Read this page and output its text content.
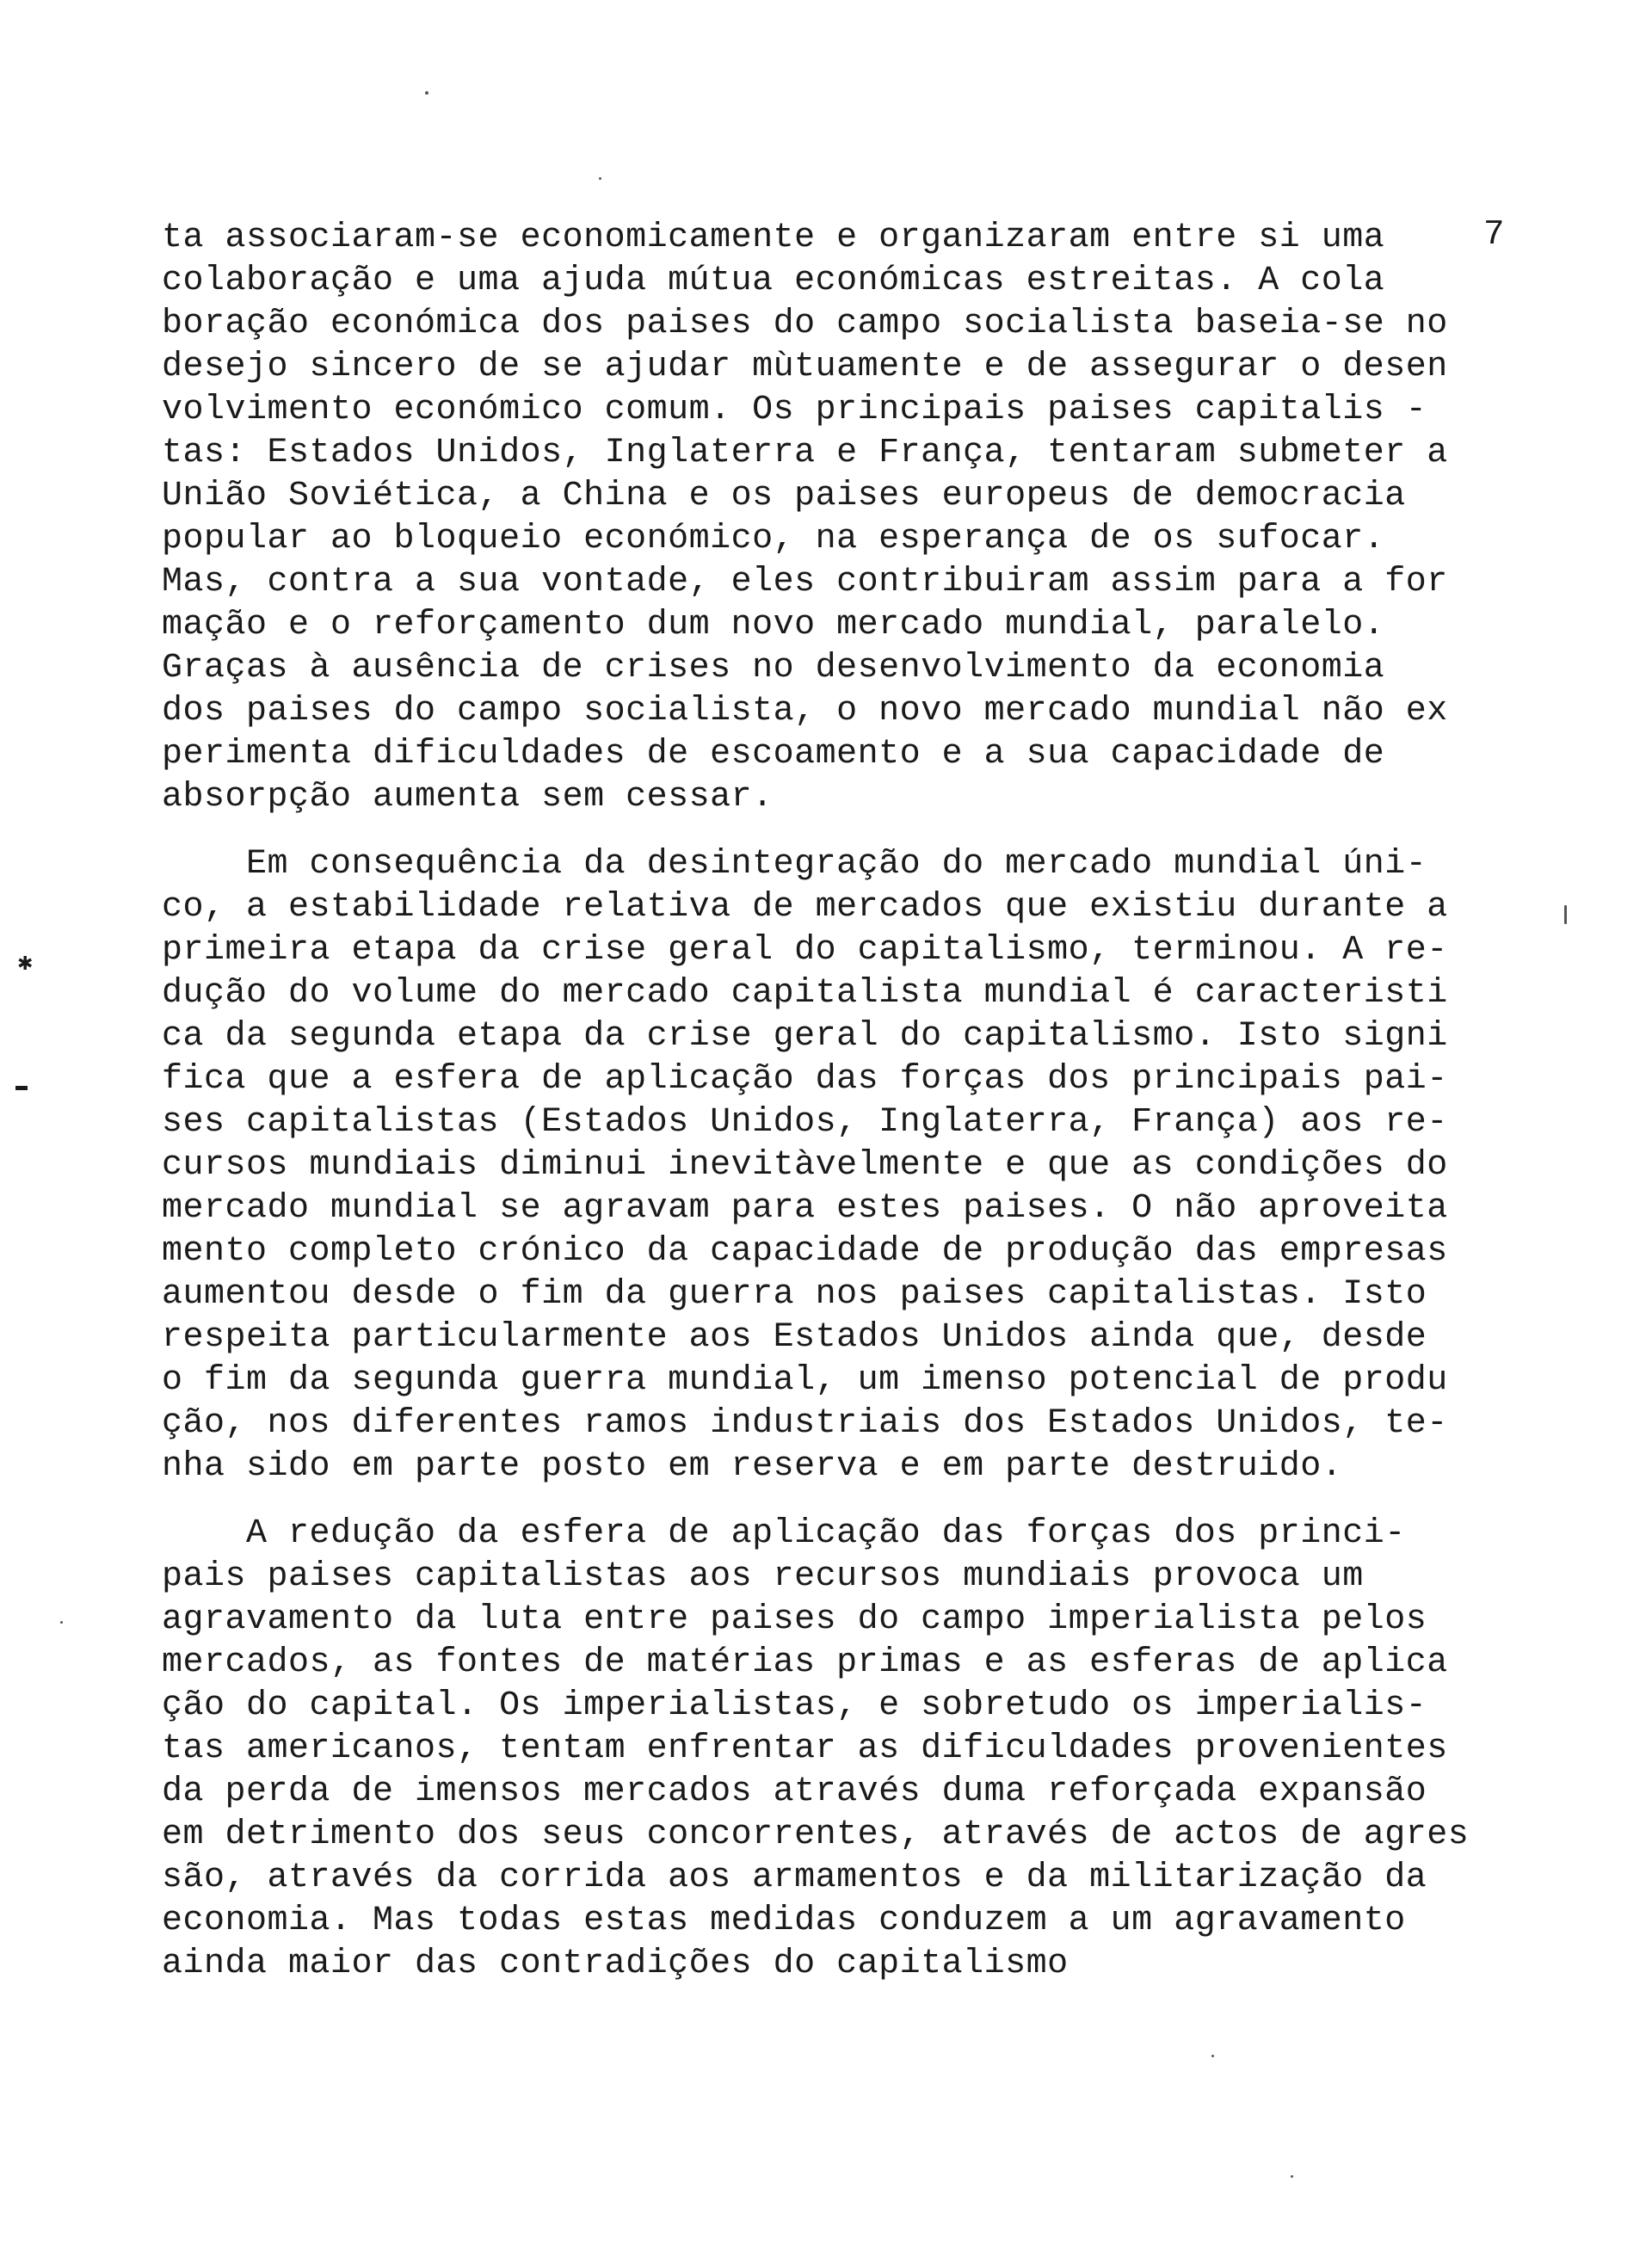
7
ta associaram-se economicamente e organizaram entre si uma
colaboração e uma ajuda mútua económicas estreitas. A cola
boração económica dos paises do campo socialista baseia-se no
desejo sincero de se ajudar mùtuamente e de assegurar o desen
volvimento económico comum. Os principais paises capitalis -
tas: Estados Unidos, Inglaterra e França, tentaram submeter a
União Soviética, a China e os paises europeus de democracia
popular ao bloqueio económico, na esperança de os sufocar.
Mas, contra a sua vontade, eles contribuiram assim para a for
mação e o reforçamento dum novo mercado mundial, paralelo.
Graças à ausência de crises no desenvolvimento da economia
dos paises do campo socialista, o novo mercado mundial não ex
perimenta dificuldades de escoamento e a sua capacidade de
absorpção aumenta sem cessar.
Em consequência da desintegração do mercado mundial úni-
co, a estabilidade relativa de mercados que existiu durante a
primeira etapa da crise geral do capitalismo, terminou. A re-
dução do volume do mercado capitalista mundial é caracteristi
ca da segunda etapa da crise geral do capitalismo. Isto signi
fica que a esfera de aplicação das forças dos principais pai-
ses capitalistas (Estados Unidos, Inglaterra, França) aos re-
cursos mundiais diminui inevitàvelmente e que as condições do
mercado mundial se agravam para estes paises. O não aproveita
mento completo crónico da capacidade de produção das empresas
aumentou desde o fim da guerra nos paises capitalistas. Isto
respeita particularmente aos Estados Unidos ainda que, desde
o fim da segunda guerra mundial, um imenso potencial de produ
ção, nos diferentes ramos industriais dos Estados Unidos, te-
nha sido em parte posto em reserva e em parte destruido.
A redução da esfera de aplicação das forças dos princi-
pais paises capitalistas aos recursos mundiais provoca um
agravamento da luta entre paises do campo imperialista pelos
mercados, as fontes de matérias primas e as esferas de aplica
ção do capital. Os imperialistas, e sobretudo os imperialis-
tas americanos, tentam enfrentar as dificuldades provenientes
da perda de imensos mercados através duma reforçada expansão
em detrimento dos seus concorrentes, através de actos de agres
são, através da corrida aos armamentos e da militarização da
economia. Mas todas estas medidas conduzem a um agravamento
ainda maior das contradições do capitalismo
✱
